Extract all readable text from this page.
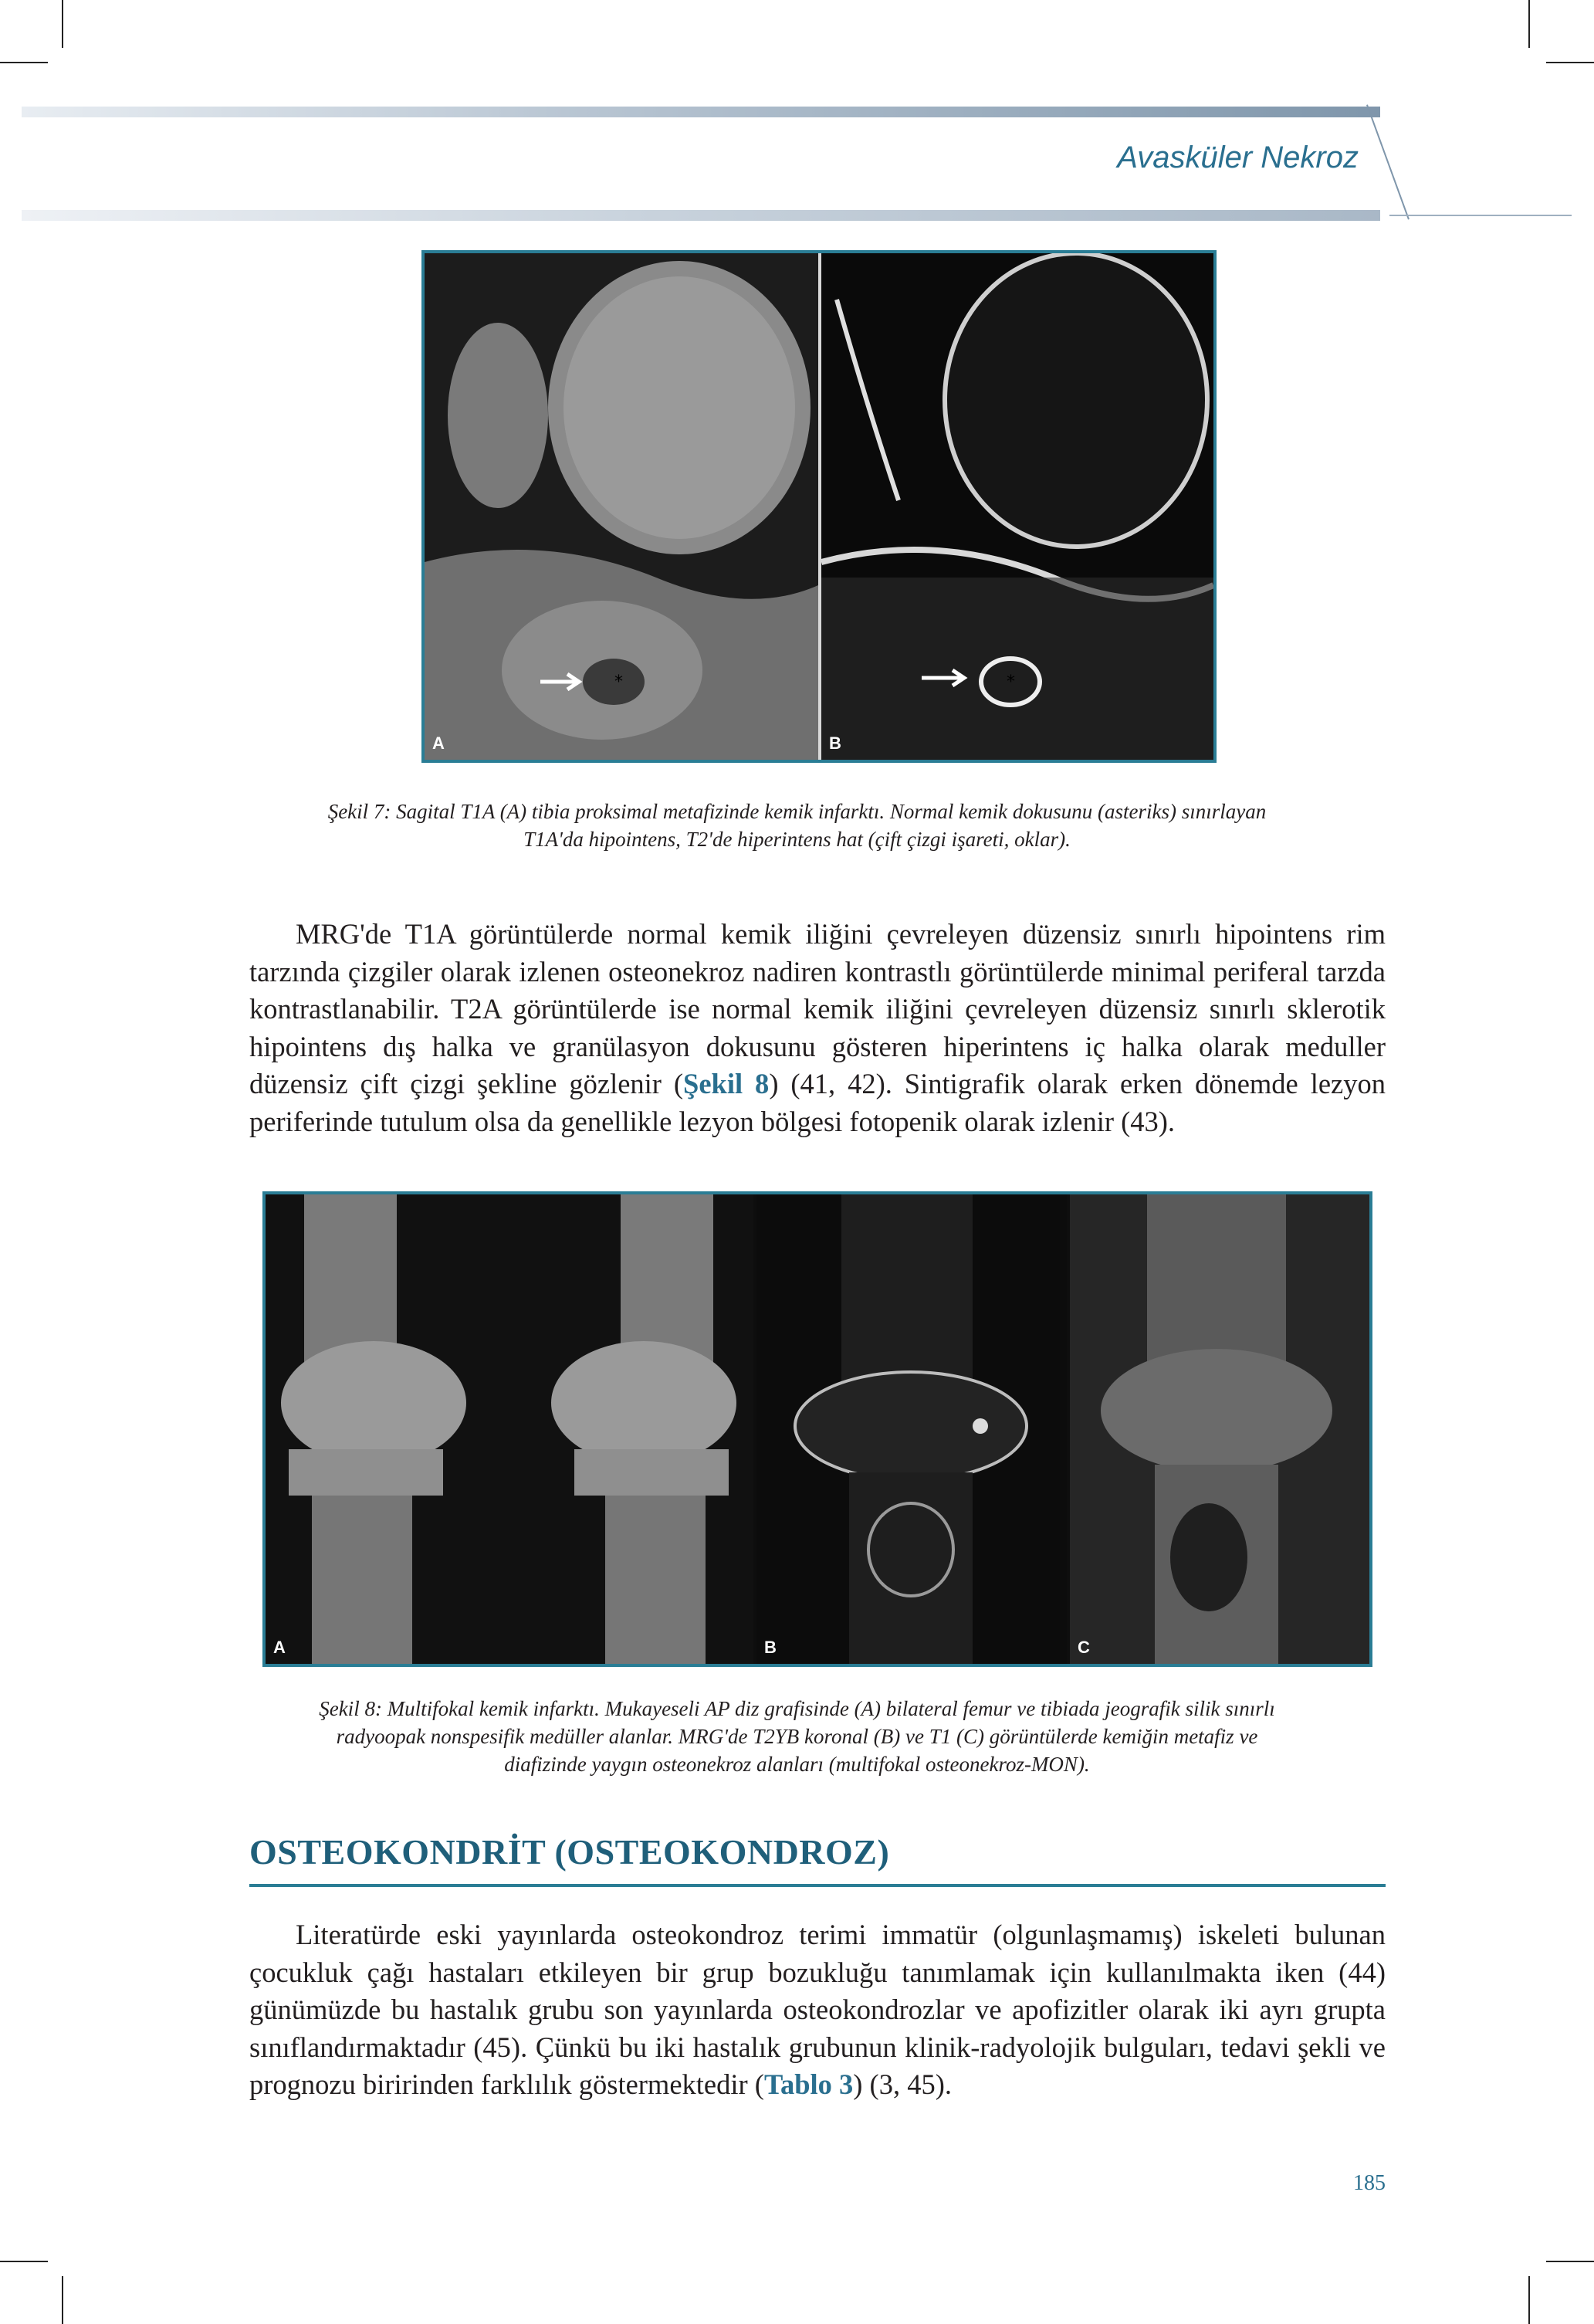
Avasküler Nekroz
*
A
*
B
Şekil 7: Sagital T1A (A) tibia proksimal metafizinde kemik infarktı. Normal kemik dokusunu (asteriks) sınırlayan
T1A'da hipointens, T2'de hiperintens hat (çift çizgi işareti, oklar).

MRG'de T1A görüntülerde normal kemik iliğini çevreleyen düzensiz sınırlı hipointens rim tarzında çizgiler olarak izlenen osteonekroz nadiren kontrastlı görüntülerde minimal periferal tarzda kontrastlanabilir. T2A görüntülerde ise normal kemik iliğini çevreleyen düzensiz sınırlı sklerotik hipointens dış halka ve granülasyon dokusunu gösteren hiperintens iç halka olarak meduller düzensiz çift çizgi şekline gözlenir (Şekil 8) (41, 42). Sintigrafik olarak erken dönemde lezyon periferinde tutulum olsa da genellikle lezyon bölgesi fotopenik olarak izlenir (43).

A	B	C
Şekil 8: Multifokal kemik infarktı. Mukayeseli AP diz grafisinde (A) bilateral femur ve tibiada jeografik silik sınırlı
radyoopak nonspesifik medüller alanlar. MRG'de T2YB koronal (B) ve T1 (C) görüntülerde kemiğin metafiz ve
diafizinde yaygın osteonekroz alanları (multifokal osteonekroz-MON).
OSTEOKONDRİT (OSTEOKONDROZ)

Literatürde eski yayınlarda osteokondroz terimi immatür (olgunlaşmamış) iskeleti bulunan çocukluk çağı hastaları etkileyen bir grup bozukluğu tanımlamak için kullanılmakta iken (44) günümüzde bu hastalık grubu son yayınlarda osteokondrozlar ve apofizitler olarak iki ayrı grupta sınıflandırmaktadır (45). Çünkü bu iki hastalık grubunun klinik-radyolojik bulguları, tedavi şekli ve prognozu biririnden farklılık göstermektedir (Tablo 3) (3, 45).

185
